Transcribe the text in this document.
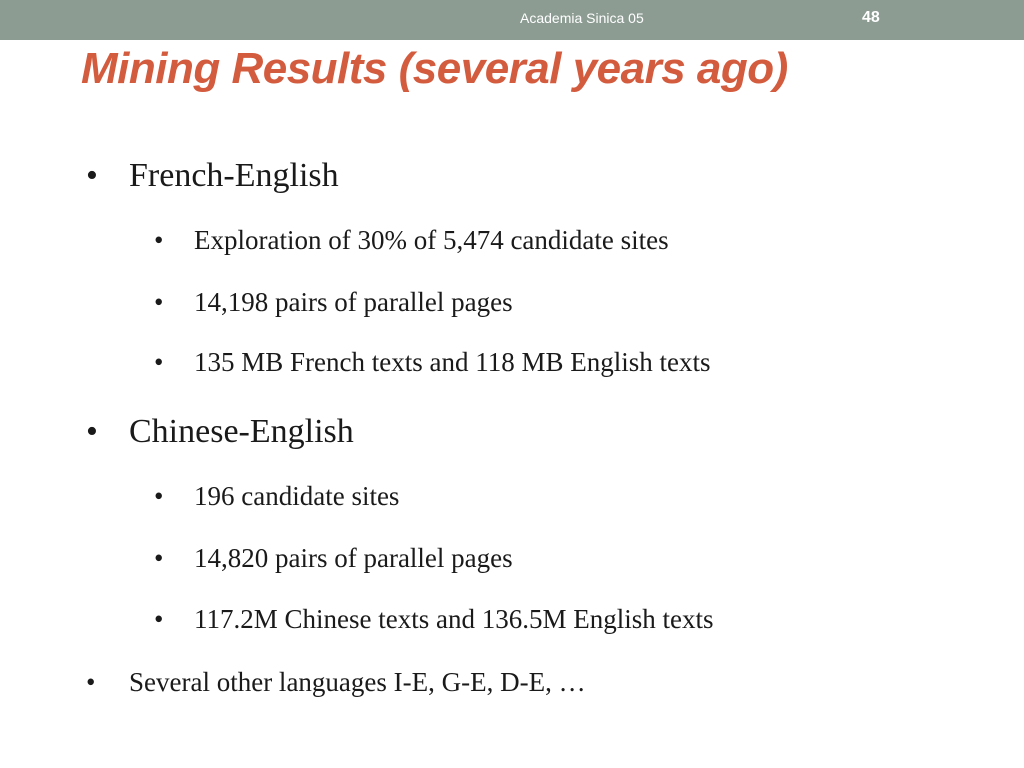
Academia Sinica 05	48
Mining Results (several years ago)
• French-English
• Exploration of 30% of 5,474 candidate sites
• 14,198 pairs of parallel pages
• 135 MB French texts and 118 MB English texts
• Chinese-English
• 196 candidate sites
• 14,820 pairs of parallel pages
• 117.2M Chinese texts and 136.5M English texts
• Several other languages I-E, G-E, D-E, …
